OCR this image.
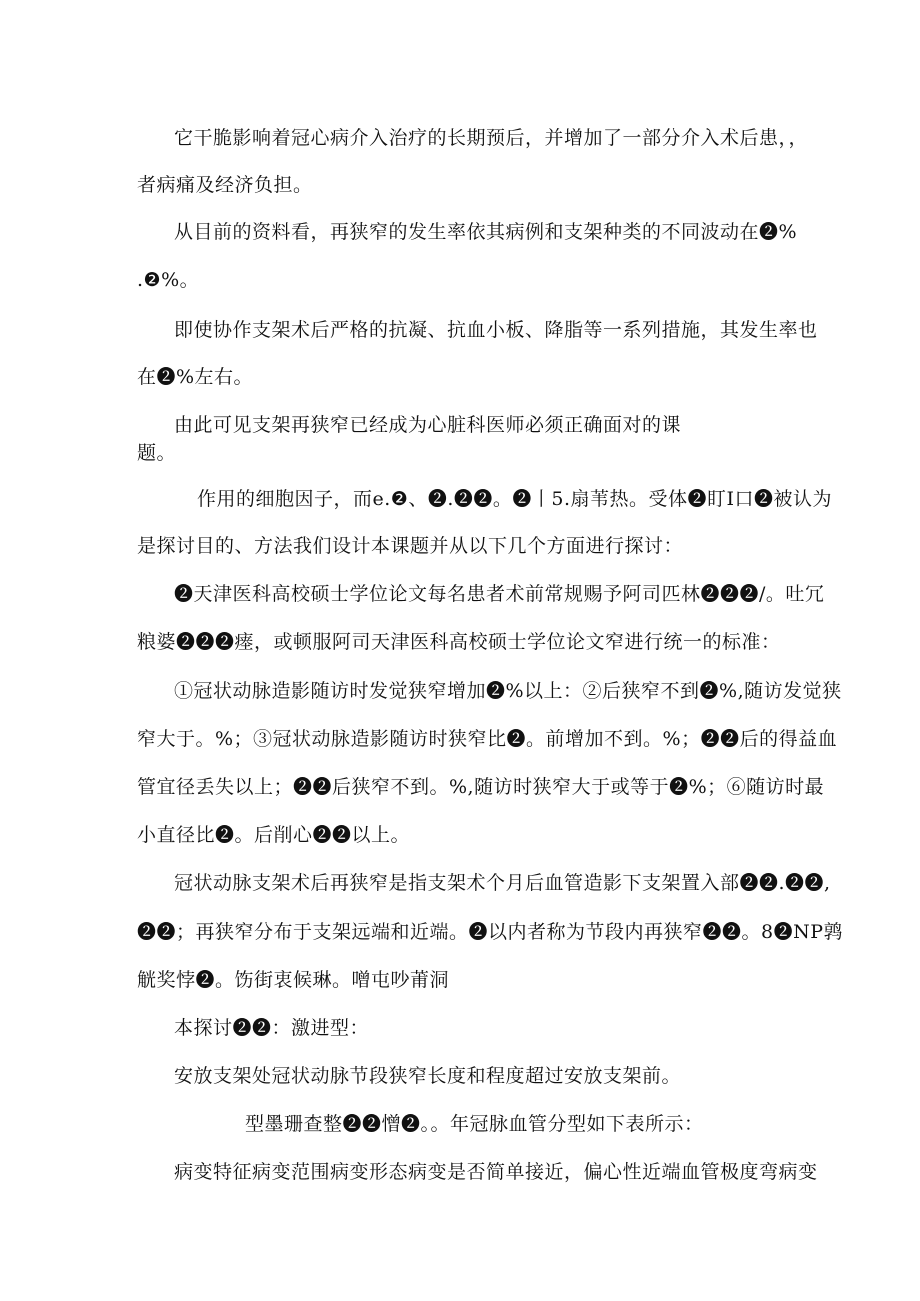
它干脆影响着冠心病介入治疗的长期预后，并增加了一部分介入术后患，，
者病痛及经济负担。
从目前的资料看，再狭窄的发生率依其病例和支架种类的不同波动在❷%
.❷%。
即使协作支架术后严格的抗凝、抗血小板、降脂等一系列措施，其发生率也
在❷%左右。
由此可见支架再狭窄已经成为心脏科医师必须正确面对的课
题。
作用的细胞因子，而e.❷、❷.❷❷。❷丨5.扇苇热。受体❷盯I口❷被认为
是探讨目的、方法我们设计本课题并从以下几个方面进行探讨：
❷天津医科高校硕士学位论文每名患者术前常规赐予阿司匹林❷❷❷/。吐冗
粮婆❷❷❷瘗，或顿服阿司天津医科高校硕士学位论文窄进行统一的标准：
①冠状动脉造影随访时发觉狭窄增加❷%以上：②后狭窄不到❷%,随访发觉狭
窄大于。%；③冠状动脉造影随访时狭窄比❷。前增加不到。%；❷❷后的得益血
管宜径丢失以上；❷❷后狭窄不到。%,随访时狭窄大于或等于❷%；⑥随访时最
小直径比❷。后削心❷❷以上。
冠状动脉支架术后再狭窄是指支架术个月后血管造影下支架置入部❷❷.❷❷,
❷❷；再狭窄分布于支架远端和近端。❷以内者称为节段内再狭窄❷❷。8❷NP鹑
觥奖悖❷。饬街衷候琳。噌屯吵莆洞
本探讨❷❷：激进型：
安放支架处冠状动脉节段狭窄长度和程度超过安放支架前。
型墨珊查整❷❷憎❷。。年冠脉血管分型如下表所示：
病变特征病变范围病变形态病变是否简单接近，偏心性近端血管极度弯病变
